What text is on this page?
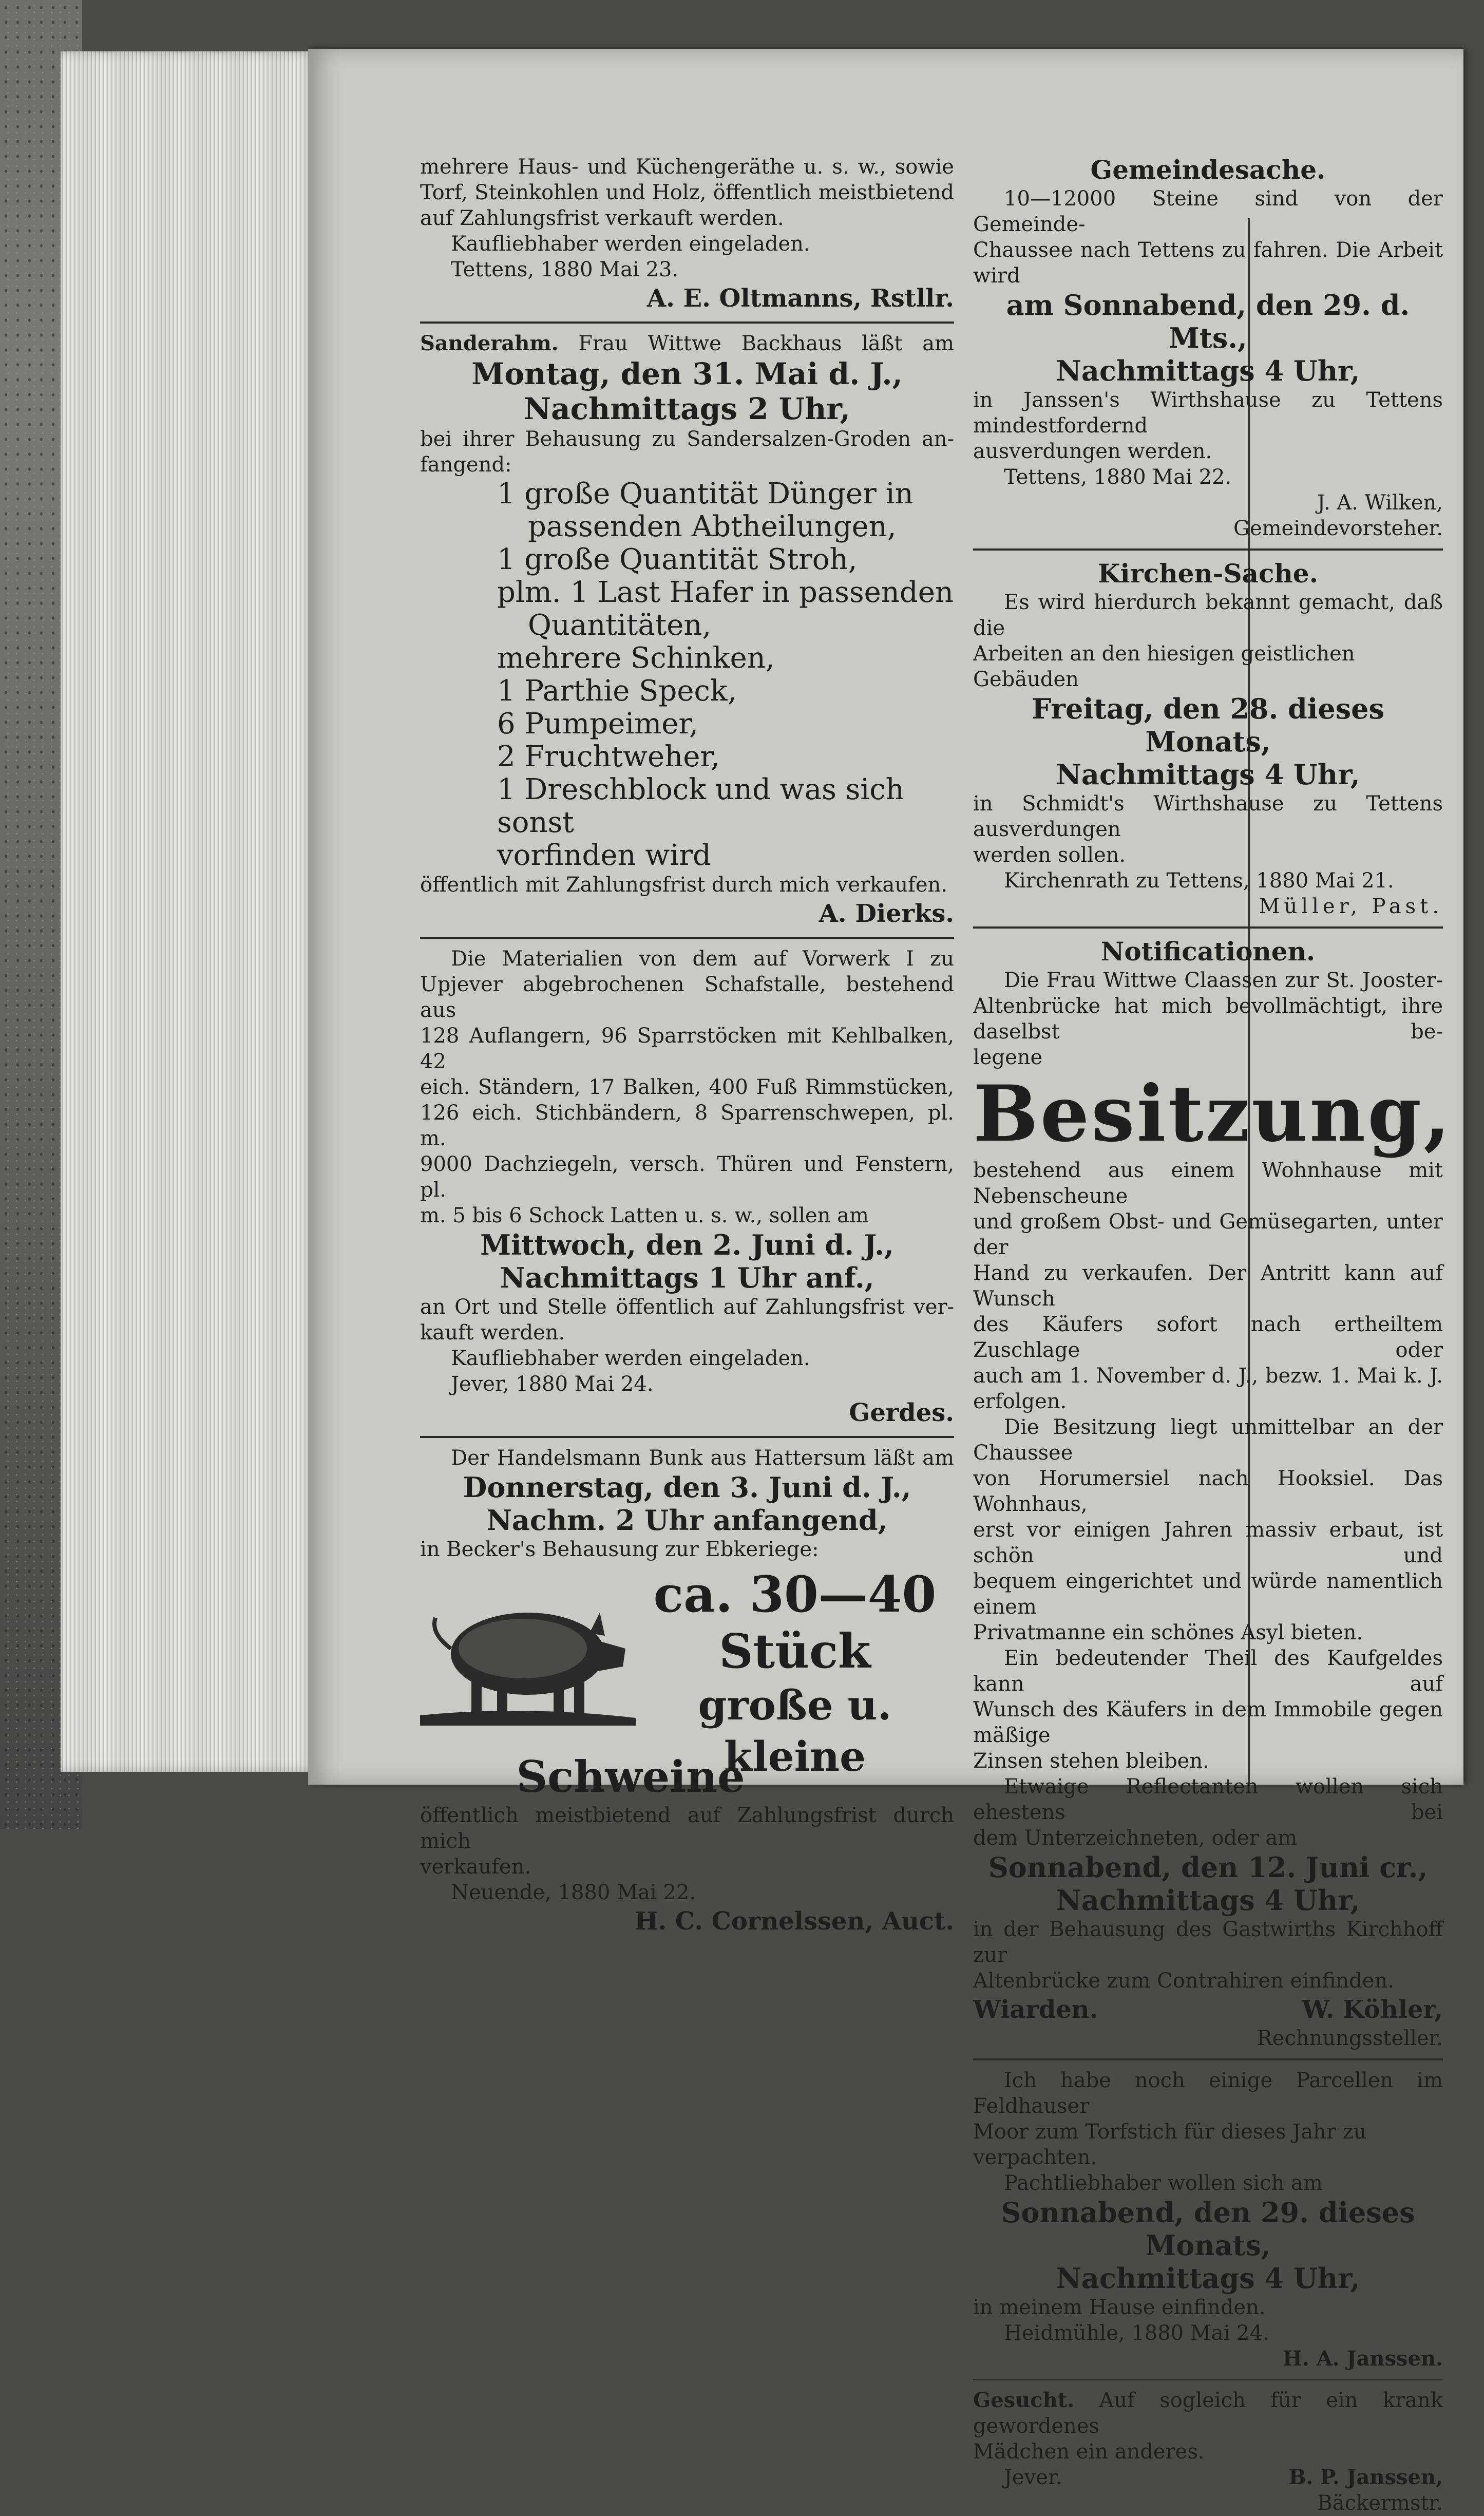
mehrere Haus- und Küchengeräthe u. s. w., sowie

Torf, Steinkohlen und Holz, öffentlich meistbietend

auf Zahlungsfrist verkauft werden.

Kaufliebhaber werden eingeladen.

Tettens, 1880 Mai 23.

A. E. Oltmanns, Rstllr.

Sanderahm. Frau Wittwe Backhaus läßt am

Montag, den 31. Mai d. J.,

Nachmittags 2 Uhr,

bei ihrer Behausung zu Sandersalzen-Groden an-

fangend:

1 große Quantität Dünger in

passenden Abtheilungen,

1 große Quantität Stroh,

plm. 1 Last Hafer in passenden

Quantitäten,

mehrere Schinken,

1 Parthie Speck,

6 Pumpeimer,

2 Fruchtweher,

1 Dreschblock und was sich sonst

vorfinden wird

öffentlich mit Zahlungsfrist durch mich verkaufen.

A. Dierks.

Die Materialien von dem auf Vorwerk I zu

Upjever abgebrochenen Schafstalle, bestehend aus

128 Auflangern, 96 Sparrstöcken mit Kehlbalken, 42

eich. Ständern, 17 Balken, 400 Fuß Rimmstücken,

126 eich. Stichbändern, 8 Sparrenschwepen, pl. m.

9000 Dachziegeln, versch. Thüren und Fenstern, pl.

m. 5 bis 6 Schock Latten u. s. w., sollen am

Mittwoch, den 2. Juni d. J.,

Nachmittags 1 Uhr anf.,

an Ort und Stelle öffentlich auf Zahlungsfrist ver-

kauft werden.

Kaufliebhaber werden eingeladen.

Jever, 1880 Mai 24.

Gerdes.

Der Handelsmann Bunk aus Hattersum läßt am

Donnerstag, den 3. Juni d. J.,

Nachm. 2 Uhr anfangend,

in Becker's Behausung zur Ebkeriege:

ca. 30—40

Stück

große u. kleine

Schweine

öffentlich meistbietend auf Zahlungsfrist durch mich

verkaufen.

Neuende, 1880 Mai 22.

H. C. Cornelssen, Auct.

Gemeindesache.

10—12000 Steine sind von der Gemeinde-

Chaussee nach Tettens zu fahren. Die Arbeit wird

am Sonnabend, den 29. d. Mts.,

Nachmittags 4 Uhr,

in Janssen's Wirthshause zu Tettens mindestfordernd

ausverdungen werden.

Tettens, 1880 Mai 22.

J. A. Wilken,

Gemeindevorsteher.

Kirchen-Sache.

Es wird hierdurch bekannt gemacht, daß die

Arbeiten an den hiesigen geistlichen Gebäuden

Freitag, den 28. dieses Monats,

Nachmittags 4 Uhr,

in Schmidt's Wirthshause zu Tettens ausverdungen

werden sollen.

Kirchenrath zu Tettens, 1880 Mai 21.

Müller, Past.

Notificationen.

Die Frau Wittwe Claassen zur St. Jooster-

Altenbrücke hat mich bevollmächtigt, ihre daselbst be-

legene

Besitzung,

bestehend aus einem Wohnhause mit Nebenscheune

und großem Obst- und Gemüsegarten, unter der

Hand zu verkaufen. Der Antritt kann auf Wunsch

des Käufers sofort nach ertheiltem Zuschlage oder

auch am 1. November d. J., bezw. 1. Mai k. J.

erfolgen.

Die Besitzung liegt unmittelbar an der Chaussee

von Horumersiel nach Hooksiel. Das Wohnhaus,

erst vor einigen Jahren massiv erbaut, ist schön und

bequem eingerichtet und würde namentlich einem

Privatmanne ein schönes Asyl bieten.

Ein bedeutender Theil des Kaufgeldes kann auf

Wunsch des Käufers in dem Immobile gegen mäßige

Zinsen stehen bleiben.

Etwaige Reflectanten wollen sich ehestens bei

dem Unterzeichneten, oder am

Sonnabend, den 12. Juni cr.,

Nachmittags 4 Uhr,

in der Behausung des Gastwirths Kirchhoff zur

Altenbrücke zum Contrahiren einfinden.

Wiarden.	W. Köhler,

Rechnungssteller.

Ich habe noch einige Parcellen im Feldhauser

Moor zum Torfstich für dieses Jahr zu verpachten.

Pachtliebhaber wollen sich am

Sonnabend, den 29. dieses Monats,

Nachmittags 4 Uhr,

in meinem Hause einfinden.

Heidmühle, 1880 Mai 24.

H. A. Janssen.

Gesucht. Auf sogleich für ein krank gewordenes

Mädchen ein anderes.

Jever.	B. P. Janssen,

Bäckermstr.
